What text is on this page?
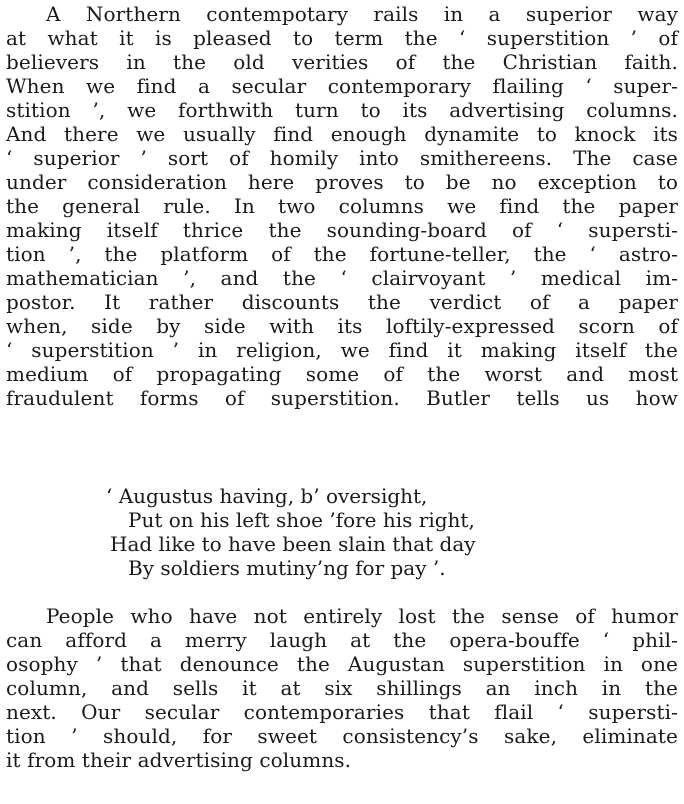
A Northern contempotary rails in a superior way
at what it is pleased to term the ‘ superstition ’ of
believers in the old verities of the Christian faith.
When we find a secular contemporary flailing ‘ super-
stition ’, we forthwith turn to its advertising columns.
And there we usually find enough dynamite to knock its
‘ superior ’ sort of homily into smithereens. The case
under consideration here proves to be no exception to
the general rule. In two columns we find the paper
making itself thrice the sounding-board of ‘ supersti-
tion ’, the platform of the fortune-teller, the ‘ astro-
mathematician ’, and the ‘ clairvoyant ’ medical im-
postor. It rather discounts the verdict of a paper
when, side by side with its loftily-expressed scorn of
‘ superstition ’ in religion, we find it making itself the
medium of propagating some of the worst and most
fraudulent forms of superstition. Butler tells us how
‘ Augustus having, b’ oversight,
Put on his left shoe ’fore his right,
Had like to have been slain that day
By soldiers mutiny’ng for pay ’.
People who have not entirely lost the sense of humor
can afford a merry laugh at the opera-bouffe ‘ phil-
osophy ’ that denounce the Augustan superstition in one
column, and sells it at six shillings an inch in the
next. Our secular contemporaries that flail ‘ supersti-
tion ’ should, for sweet consistency’s sake, eliminate
it from their advertising columns.
